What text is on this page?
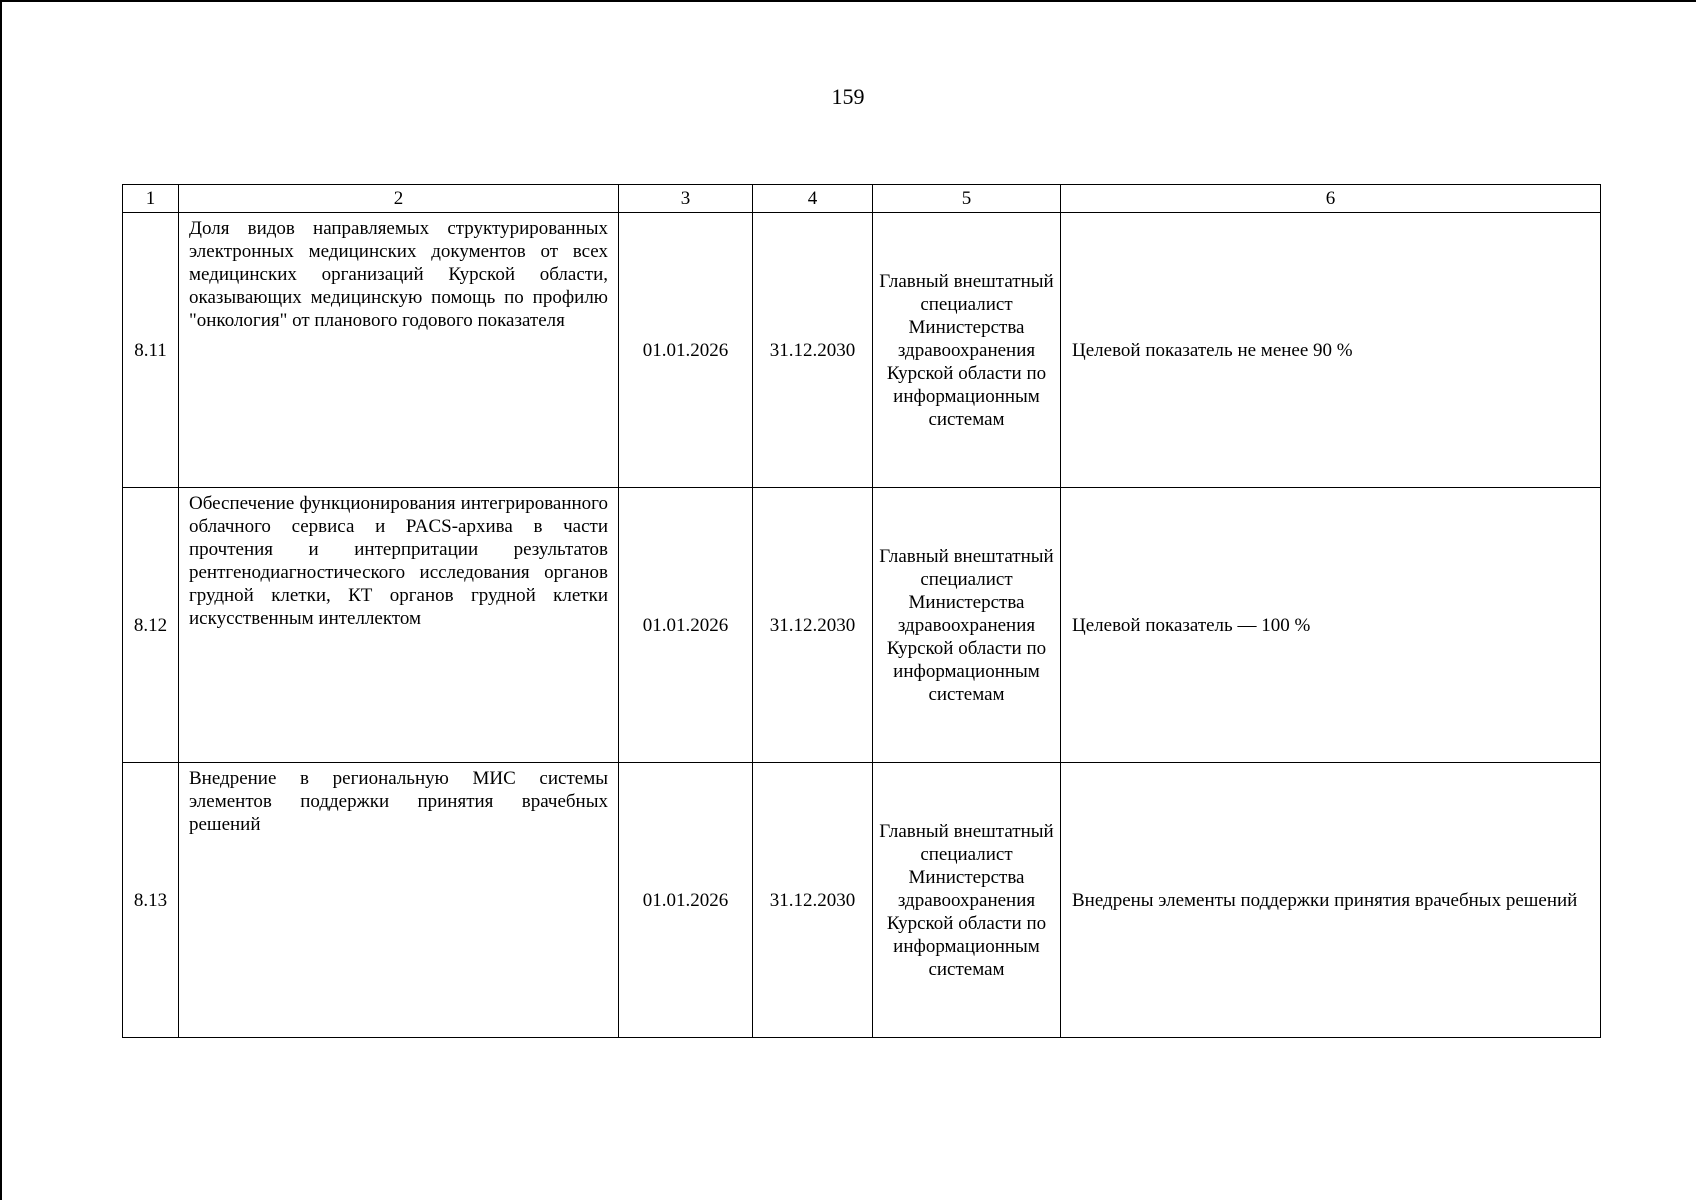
159
1	2	3	4	5	6
8.11	Доля видов направляемых структурированных электронных медицинских документов от всех медицинских организаций Курской области, оказывающих медицинскую помощь по профилю "онкология" от планового годового показателя	01.01.2026	31.12.2030	Главный внештатный специалист Министерства здравоохранения Курской области по информационным системам	Целевой показатель не менее 90 %
8.12	Обеспечение функционирования интегрированного облачного сервиса и PACS-архива в части прочтения и интерпритации результатов рентгенодиагностического исследования органов грудной клетки, КТ органов грудной клетки искусственным интеллектом	01.01.2026	31.12.2030	Главный внештатный специалист Министерства здравоохранения Курской области по информационным системам	Целевой показатель — 100 %
8.13	Внедрение в региональную МИС системы элементов поддержки принятия врачебных решений	01.01.2026	31.12.2030	Главный внештатный специалист Министерства здравоохранения Курской области по информационным системам	Внедрены элементы поддержки принятия врачебных решений
